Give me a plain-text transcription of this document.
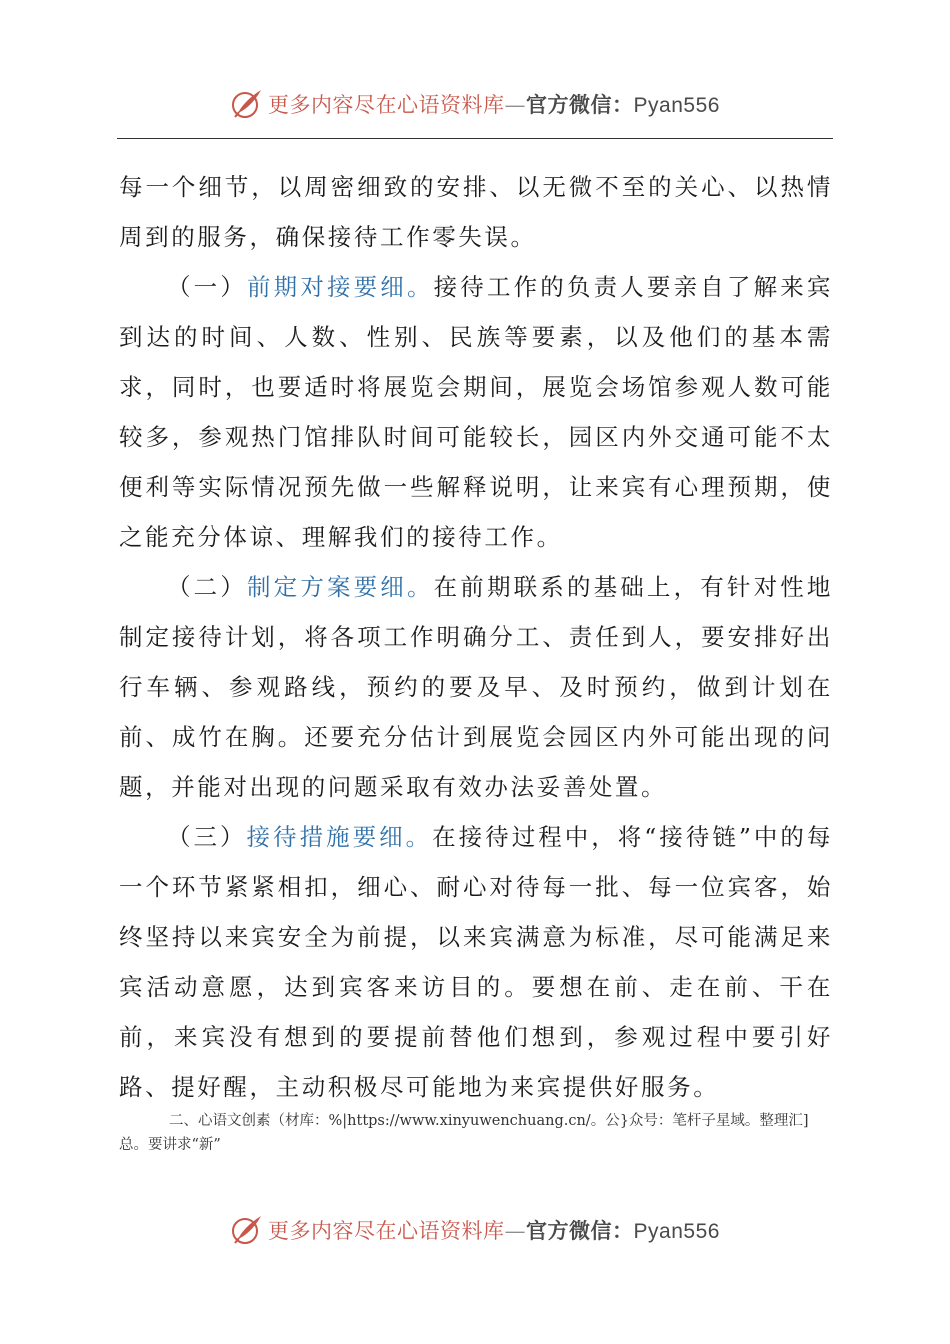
更多内容尽在心语资料库—官方微信：Pyan556

每一个细节，以周密细致的安排、以无微不至的关心、以热情周到的服务，确保接待工作零失误。

（一）前期对接要细。接待工作的负责人要亲自了解来宾到达的时间、人数、性别、民族等要素，以及他们的基本需求，同时，也要适时将展览会期间，展览会场馆参观人数可能较多，参观热门馆排队时间可能较长，园区内外交通可能不太便利等实际情况预先做一些解释说明，让来宾有心理预期，使之能充分体谅、理解我们的接待工作。

（二）制定方案要细。在前期联系的基础上，有针对性地制定接待计划，将各项工作明确分工、责任到人，要安排好出行车辆、参观路线，预约的要及早、及时预约，做到计划在前、成竹在胸。还要充分估计到展览会园区内外可能出现的问题，并能对出现的问题采取有效办法妥善处置。

（三）接待措施要细。在接待过程中，将“接待链”中的每一个环节紧紧相扣，细心、耐心对待每一批、每一位宾客，始终坚持以来宾安全为前提，以来宾满意为标准，尽可能满足来宾活动意愿，达到宾客来访目的。要想在前、走在前、干在前，来宾没有想到的要提前替他们想到，参观过程中要引好路、提好醒，主动积极尽可能地为来宾提供好服务。

二、心语文创素（材库：%|https://www.xinyuwenchuang.cn/。公}众号：笔杆子星域。整理汇]总。要讲求“新”
更多内容尽在心语资料库—官方微信：Pyan556
